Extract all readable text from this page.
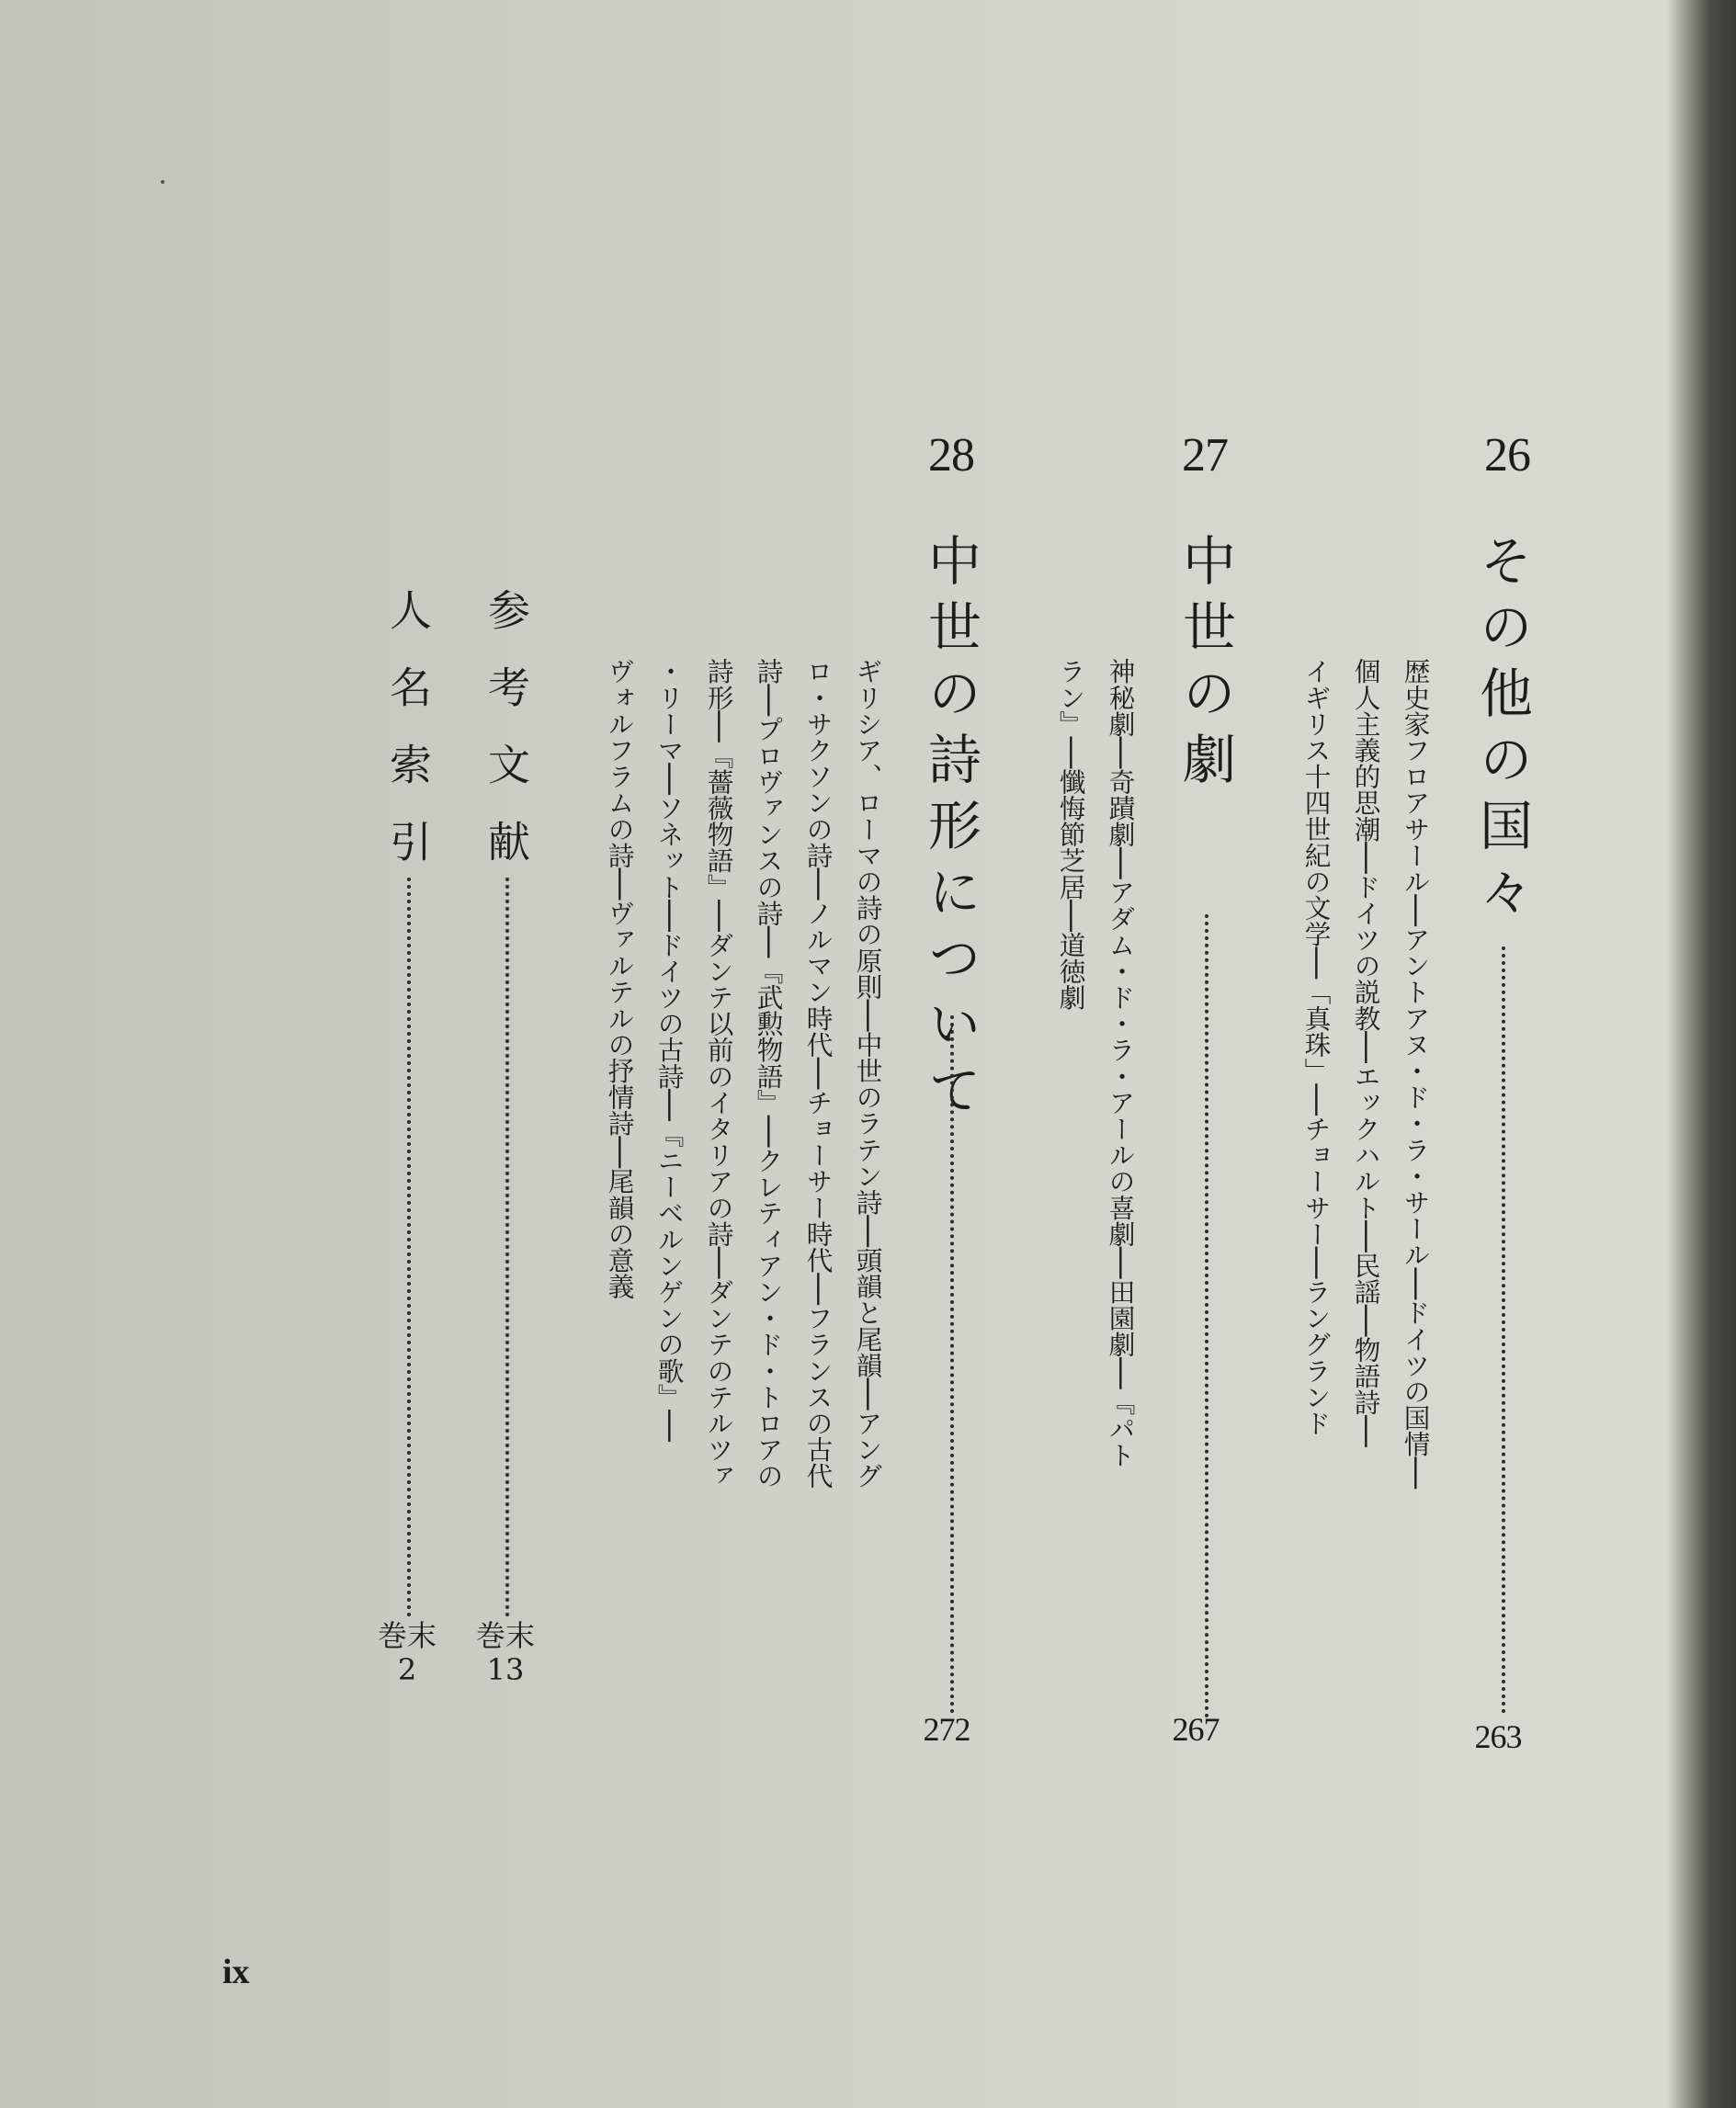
26
その他の国々
263
歴史家フロアサール──アントアヌ・ド・ラ・サール──ドイツの国情──
個人主義的思潮──ドイツの説教──エックハルト──民謡──物語詩──
イギリス十四世紀の文学──「真珠」──チョーサー──ラングランド
27
中世の劇
267
神秘劇──奇蹟劇──アダム・ド・ラ・アールの喜劇──田園劇──『パト
ラン』──懺悔節芝居──道徳劇
28
中世の詩形について
272
ギリシア、ローマの詩の原則──中世のラテン詩──頭韻と尾韻──アング
ロ・サクソンの詩──ノルマン時代──チョーサー時代──フランスの古代
詩──プロヴァンスの詩──『武勲物語』──クレティアン・ド・トロアの
詩形──『薔薇物語』──ダンテ以前のイタリアの詩──ダンテのテルツァ
・リーマ──ソネット──ドイツの古詩──『ニーベルンゲンの歌』──
ヴォルフラムの詩──ヴァルテルの抒情詩──尾韻の意義
参考文献
巻末
13
人名索引
巻末
2
ix
